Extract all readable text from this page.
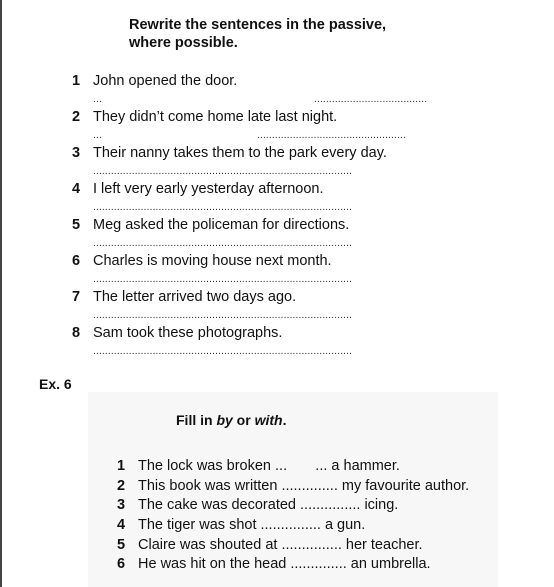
Rewrite the sentences in the passive,
where possible.
1 John opened the door.
...	......................................
2 They didn’t come home late last night.
...	..................................................
3 Their nanny takes them to the park every day.
.......................................................................................
4 I left very early yesterday afternoon.
.......................................................................................
5 Meg asked the policeman for directions.
.......................................................................................
6 Charles is moving house next month.
.......................................................................................
7 The letter arrived two days ago.
.......................................................................................
8 Sam took these photographs.
.......................................................................................
Ex. 6
Fill in by or with.
1 The lock was broken ...       ... a hammer.
2 This book was written .............. my favourite author.
3 The cake was decorated ............... icing.
4 The tiger was shot ............... a gun.
5 Claire was shouted at ............... her teacher.
6 He was hit on the head .............. an umbrella.
